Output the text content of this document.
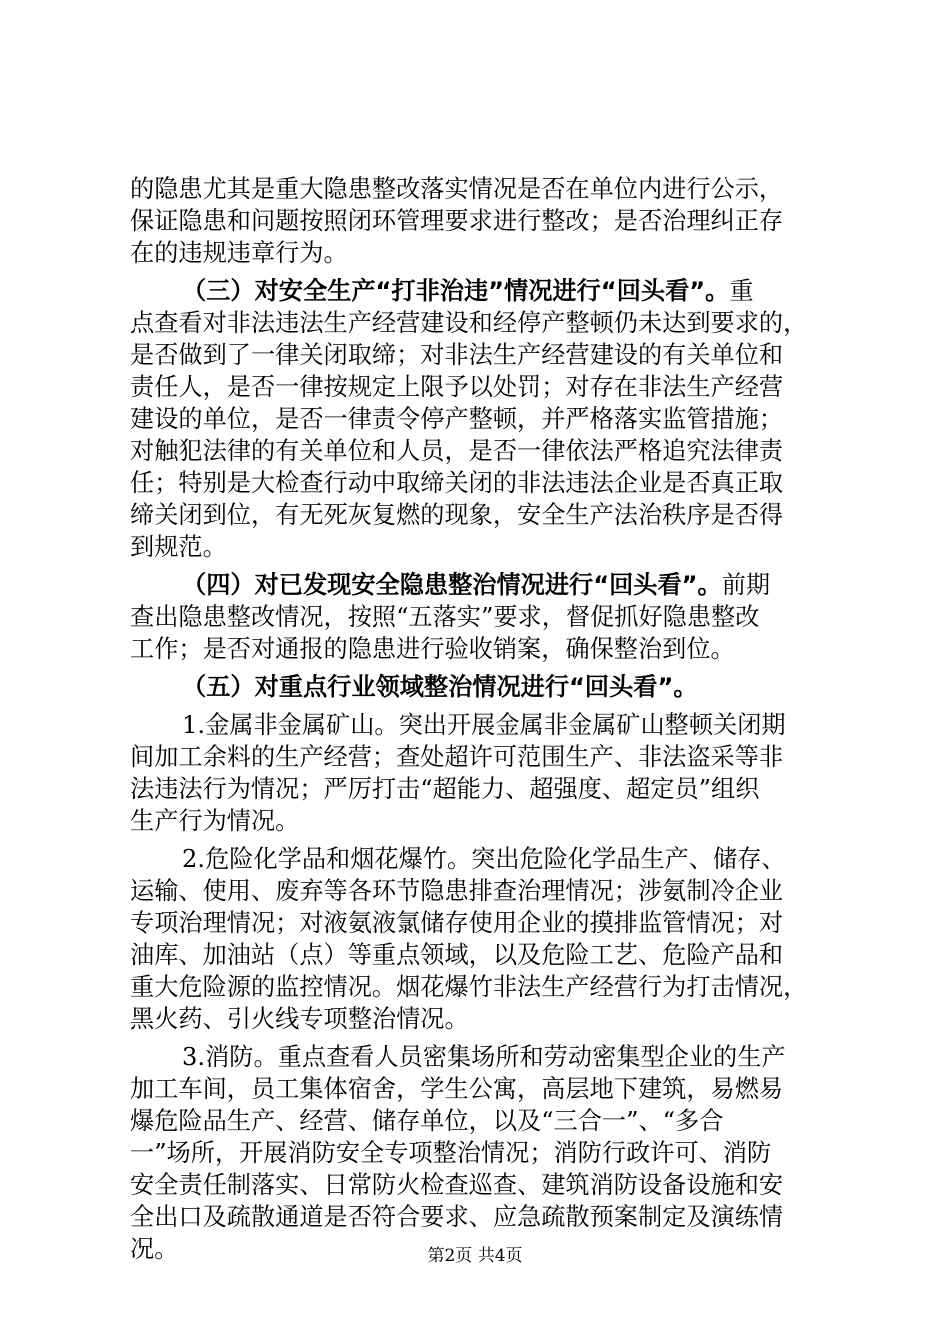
的隐患尤其是重大隐患整改落实情况是否在单位内进行公示，
保证隐患和问题按照闭环管理要求进行整改；是否治理纠正存
在的违规违章行为。

（三）对安全生产“打非治违”情况进行“回头看”。重
点查看对非法违法生产经营建设和经停产整顿仍未达到要求的，
是否做到了一律关闭取缔；对非法生产经营建设的有关单位和
责任人，是否一律按规定上限予以处罚；对存在非法生产经营
建设的单位，是否一律责令停产整顿，并严格落实监管措施；
对触犯法律的有关单位和人员，是否一律依法严格追究法律责
任；特别是大检查行动中取缔关闭的非法违法企业是否真正取
缔关闭到位，有无死灰复燃的现象，安全生产法治秩序是否得
到规范。

（四）对已发现安全隐患整治情况进行“回头看”。前期
查出隐患整改情况，按照“五落实”要求，督促抓好隐患整改
工作；是否对通报的隐患进行验收销案，确保整治到位。

（五）对重点行业领域整治情况进行“回头看”。

1.金属非金属矿山。突出开展金属非金属矿山整顿关闭期
间加工余料的生产经营；查处超许可范围生产、非法盗采等非
法违法行为情况；严厉打击“超能力、超强度、超定员”组织
生产行为情况。

2.危险化学品和烟花爆竹。突出危险化学品生产、储存、
运输、使用、废弃等各环节隐患排查治理情况；涉氨制冷企业
专项治理情况；对液氨液氯储存使用企业的摸排监管情况；对
油库、加油站（点）等重点领域，以及危险工艺、危险产品和
重大危险源的监控情况。烟花爆竹非法生产经营行为打击情况，
黑火药、引火线专项整治情况。

3.消防。重点查看人员密集场所和劳动密集型企业的生产
加工车间，员工集体宿舍，学生公寓，高层地下建筑，易燃易
爆危险品生产、经营、储存单位，以及“三合一”、“多合
一”场所，开展消防安全专项整治情况；消防行政许可、消防
安全责任制落实、日常防火检查巡查、建筑消防设备设施和安
全出口及疏散通道是否符合要求、应急疏散预案制定及演练情
况。	第2页 共4页
